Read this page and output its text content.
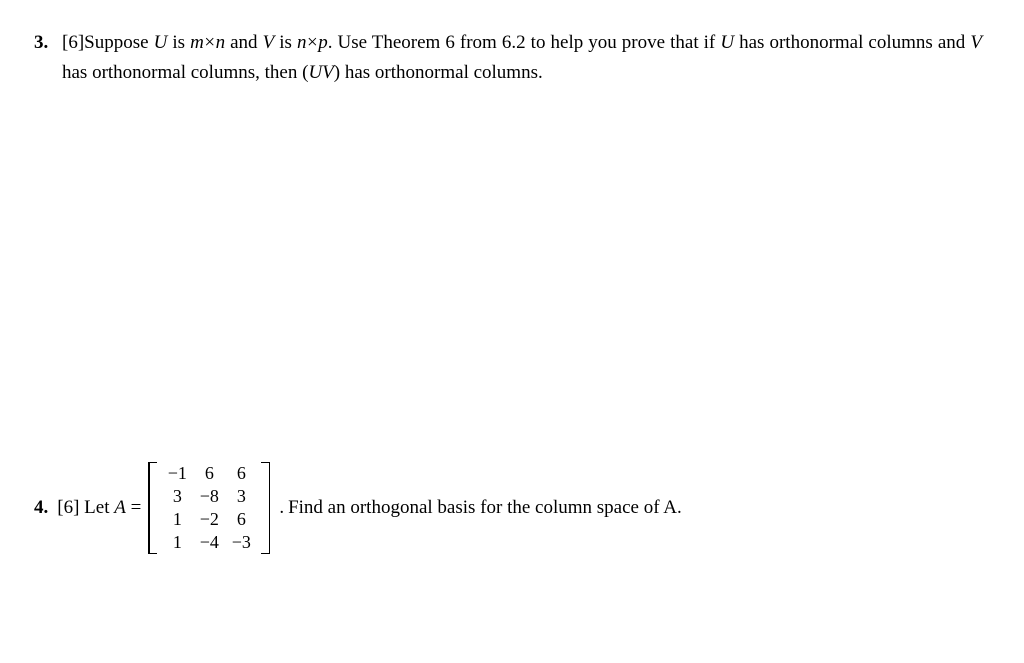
3. [6]Suppose U is m×n and V is n×p. Use Theorem 6 from 6.2 to help you prove that if U has orthonormal columns and V has orthonormal columns, then (UV) has orthonormal columns.
4. [6] Let A =
−1	6	6
3	−8	3
1	−2	6
1	−4	−3
. Find an orthogonal basis for the column space of A.
